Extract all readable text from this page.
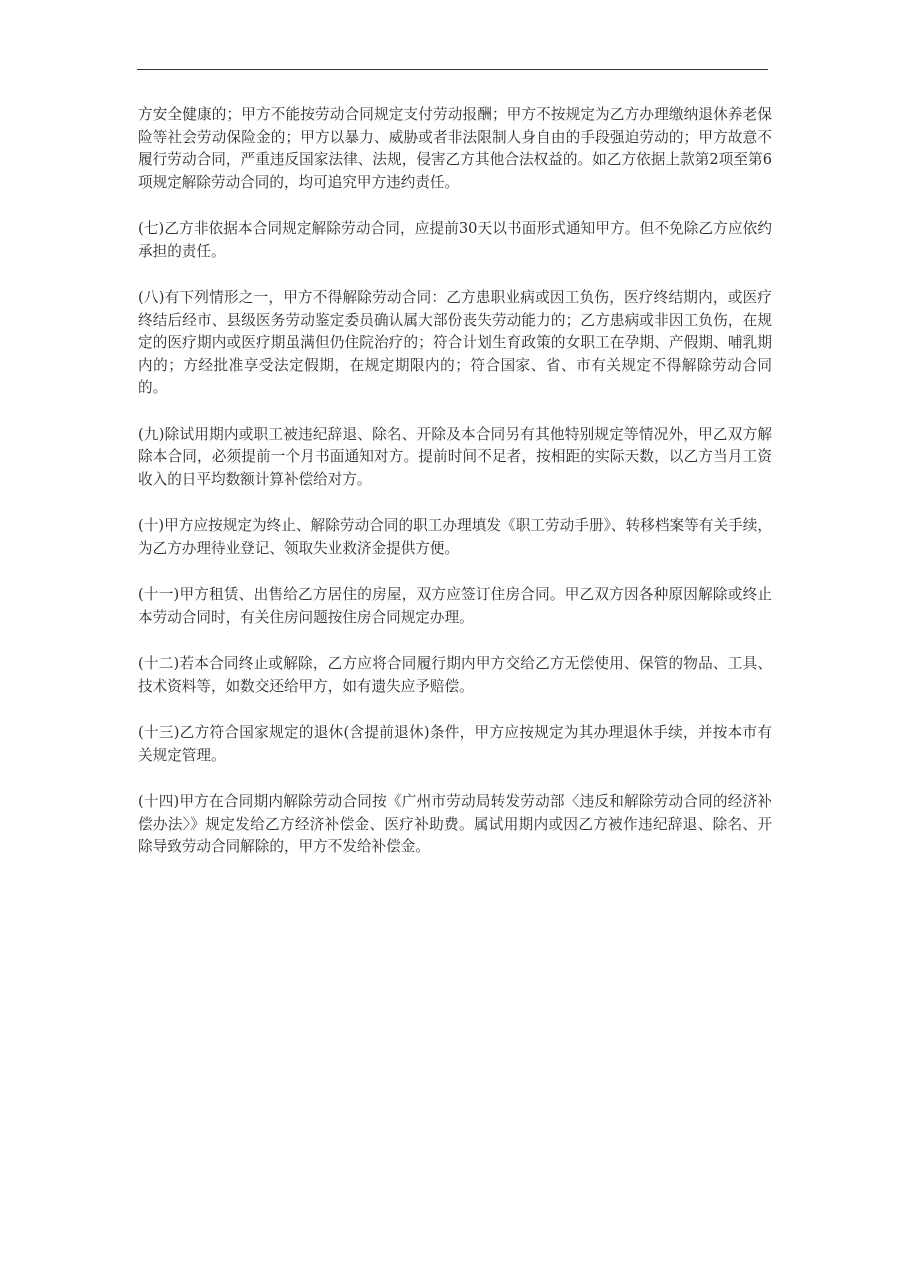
方安全健康的；甲方不能按劳动合同规定支付劳动报酬；甲方不按规定为乙方办理缴纳退休养老保险等社会劳动保险金的；甲方以暴力、威胁或者非法限制人身自由的手段强迫劳动的；甲方故意不履行劳动合同，严重违反国家法律、法规，侵害乙方其他合法权益的。如乙方依据上款第2项至第6项规定解除劳动合同的，均可追究甲方违约责任。

(七)乙方非依据本合同规定解除劳动合同，应提前30天以书面形式通知甲方。但不免除乙方应依约承担的责任。

(八)有下列情形之一，甲方不得解除劳动合同：乙方患职业病或因工负伤，医疗终结期内，或医疗终结后经市、县级医务劳动鉴定委员确认属大部份丧失劳动能力的；乙方患病或非因工负伤，在规定的医疗期内或医疗期虽满但仍住院治疗的；符合计划生育政策的女职工在孕期、产假期、哺乳期内的；方经批准享受法定假期，在规定期限内的；符合国家、省、市有关规定不得解除劳动合同的。

(九)除试用期内或职工被违纪辞退、除名、开除及本合同另有其他特别规定等情况外，甲乙双方解除本合同，必须提前一个月书面通知对方。提前时间不足者，按相距的实际天数，以乙方当月工资收入的日平均数额计算补偿给对方。

(十)甲方应按规定为终止、解除劳动合同的职工办理填发《职工劳动手册》、转移档案等有关手续，为乙方办理待业登记、领取失业救济金提供方便。

(十一)甲方租赁、出售给乙方居住的房屋，双方应签订住房合同。甲乙双方因各种原因解除或终止本劳动合同时，有关住房问题按住房合同规定办理。

(十二)若本合同终止或解除，乙方应将合同履行期内甲方交给乙方无偿使用、保管的物品、工具、技术资料等，如数交还给甲方，如有遗失应予赔偿。

(十三)乙方符合国家规定的退休(含提前退休)条件，甲方应按规定为其办理退休手续，并按本市有关规定管理。

(十四)甲方在合同期内解除劳动合同按《广州市劳动局转发劳动部〈违反和解除劳动合同的经济补偿办法〉》规定发给乙方经济补偿金、医疗补助费。属试用期内或因乙方被作违纪辞退、除名、开除导致劳动合同解除的，甲方不发给补偿金。
